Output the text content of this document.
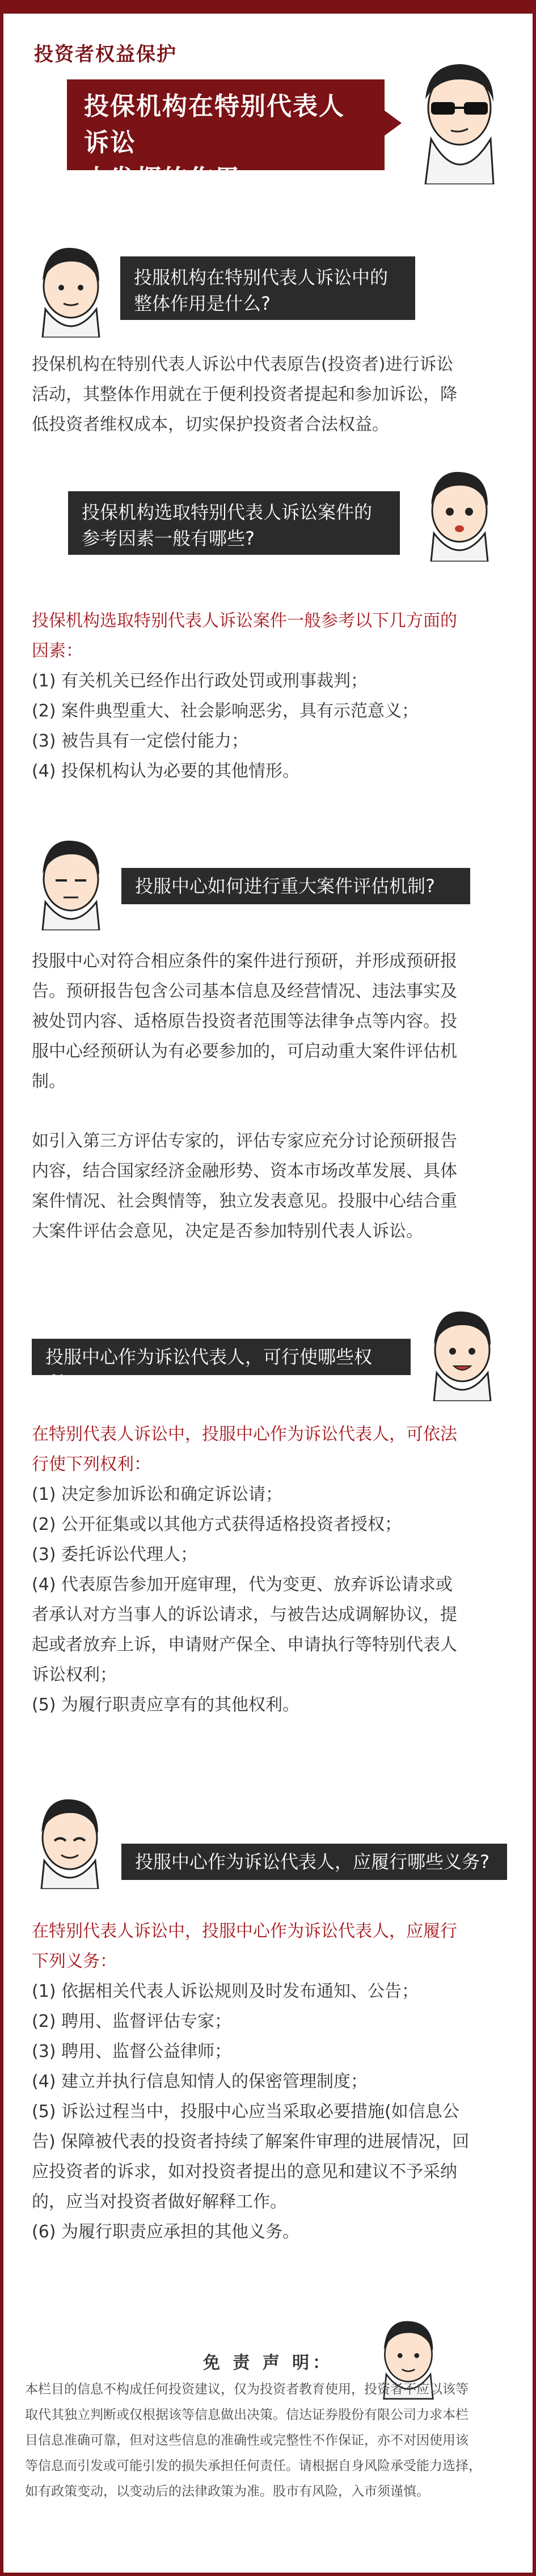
投资者权益保护
投保机构在特别代表人诉讼
中发挥的作用
投服机构在特别代表人诉讼中的
整体作用是什么?
投保机构在特别代表人诉讼中代表原告(投资者)进行诉讼
活动，其整体作用就在于便利投资者提起和参加诉讼，降
低投资者维权成本，切实保护投资者合法权益。
投保机构选取特别代表人诉讼案件的
参考因素一般有哪些?
投保机构选取特别代表人诉讼案件一般参考以下几方面的
因素：
(1) 有关机关已经作出行政处罚或刑事裁判；
(2) 案件典型重大、社会影响恶劣，具有示范意义；
(3) 被告具有一定偿付能力；
(4) 投保机构认为必要的其他情形。
投服中心如何进行重大案件评估机制?
投服中心对符合相应条件的案件进行预研，并形成预研报
告。预研报告包含公司基本信息及经营情况、违法事实及
被处罚内容、适格原告投资者范围等法律争点等内容。投
服中心经预研认为有必要参加的，可启动重大案件评估机
制。
如引入第三方评估专家的，评估专家应充分讨论预研报告
内容，结合国家经济金融形势、资本市场改革发展、具体
案件情况、社会舆情等，独立发表意见。投服中心结合重
大案件评估会意见，决定是否参加特别代表人诉讼。
投服中心作为诉讼代表人，可行使哪些权利?
在特别代表人诉讼中，投服中心作为诉讼代表人，可依法
行使下列权利：
(1) 决定参加诉讼和确定诉讼请；
(2) 公开征集或以其他方式获得适格投资者授权；
(3) 委托诉讼代理人；
(4) 代表原告参加开庭审理，代为变更、放弃诉讼请求或
者承认对方当事人的诉讼请求，与被告达成调解协议，提
起或者放弃上诉，申请财产保全、申请执行等特别代表人
诉讼权利；
(5) 为履行职责应享有的其他权利。
投服中心作为诉讼代表人，应履行哪些义务?
在特别代表人诉讼中，投服中心作为诉讼代表人，应履行
下列义务：
(1) 依据相关代表人诉讼规则及时发布通知、公告；
(2) 聘用、监督评估专家；
(3) 聘用、监督公益律师；
(4) 建立并执行信息知情人的保密管理制度；
(5) 诉讼过程当中，投服中心应当采取必要措施(如信息公
告) 保障被代表的投资者持续了解案件审理的进展情况，回
应投资者的诉求，如对投资者提出的意见和建议不予采纳
的，应当对投资者做好解释工作。
(6) 为履行职责应承担的其他义务。
免 责 声 明：
本栏目的信息不构成任何投资建议，仅为投资者教育使用，投资者不应以该等
取代其独立判断或仅根据该等信息做出决策。信达证券股份有限公司力求本栏
目信息准确可靠，但对这些信息的准确性或完整性不作保证，亦不对因使用该
等信息而引发或可能引发的损失承担任何责任。请根据自身风险承受能力选择，
如有政策变动，以变动后的法律政策为准。股市有风险，入市须谨慎。
